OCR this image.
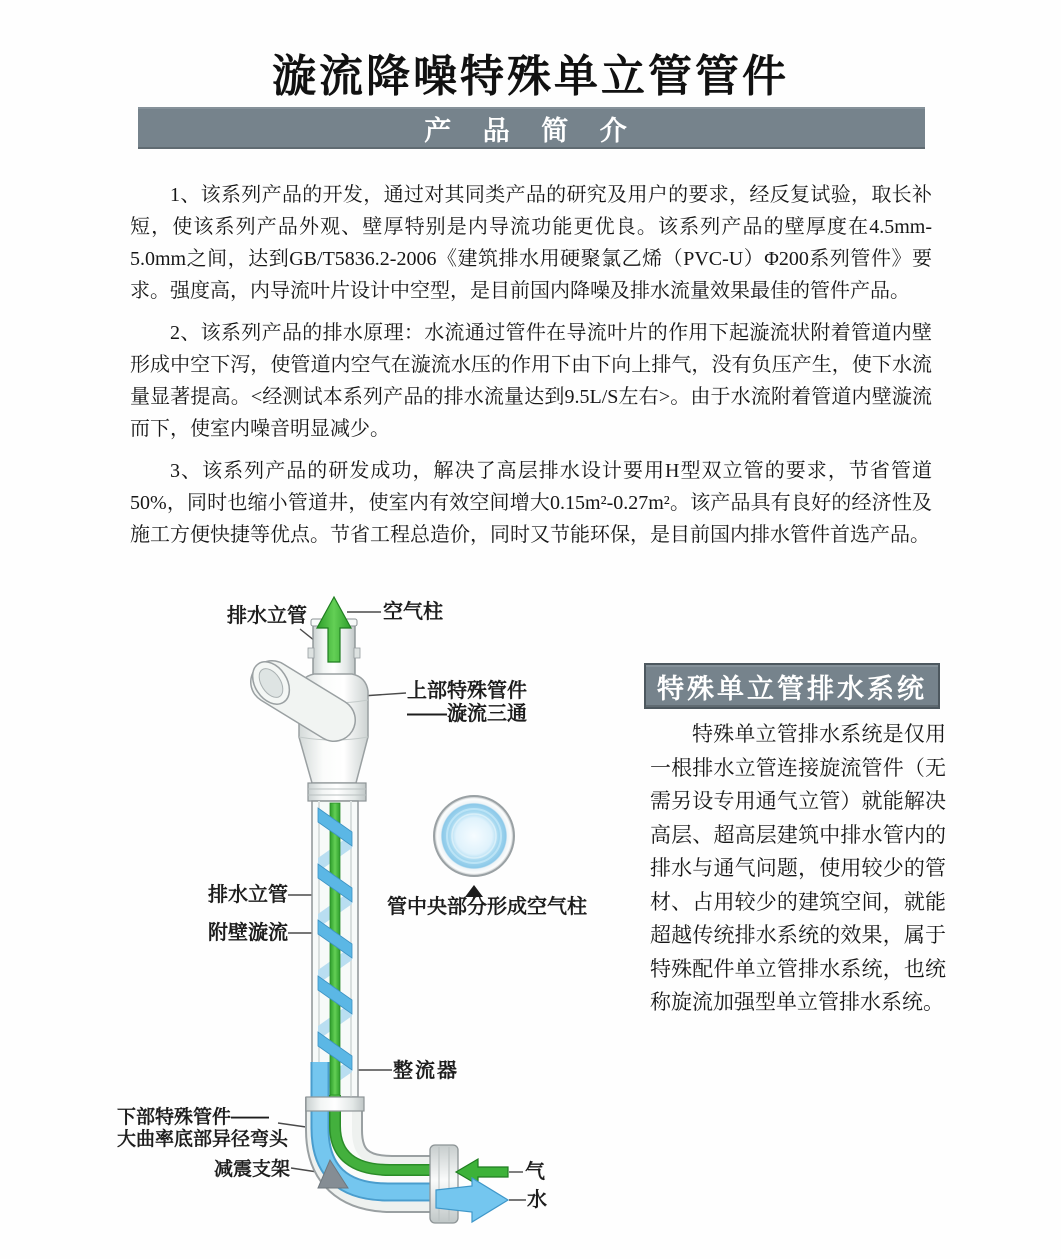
漩流降噪特殊单立管管件
产 品 简 介

1、该系列产品的开发，通过对其同类产品的研究及用户的要求，经反复试验，取长补短，使该系列产品外观、壁厚特别是内导流功能更优良。该系列产品的壁厚度在4.5mm-5.0mm之间，达到GB/T5836.2-2006《建筑排水用硬聚氯乙烯（PVC-U）Φ200系列管件》要求。强度高，内导流叶片设计中空型，是目前国内降噪及排水流量效果最佳的管件产品。

2、该系列产品的排水原理：水流通过管件在导流叶片的作用下起漩流状附着管道内壁形成中空下泻，使管道内空气在漩流水压的作用下由下向上排气，没有负压产生，使下水流量显著提高。<经测试本系列产品的排水流量达到9.5L/S左右>。由于水流附着管道内壁漩流而下，使室内噪音明显减少。

3、该系列产品的研发成功，解决了高层排水设计要用H型双立管的要求，节省管道50%，同时也缩小管道井，使室内有效空间增大0.15m²-0.27m²。该产品具有良好的经济性及施工方便快捷等优点。节省工程总造价，同时又节能环保，是目前国内排水管件首选产品。

特殊单立管排水系统

特殊单立管排水系统是仅用一根排水立管连接旋流管件（无需另设专用通气立管）就能解决高层、超高层建筑中排水管内的排水与通气问题，使用较少的管材、占用较少的建筑空间，就能超越传统排水系统的效果，属于特殊配件单立管排水系统，也统称旋流加强型单立管排水系统。

排水立管	空气柱
上部特殊管件
——漩流三通
排水立管
附壁漩流
管中央部分形成空气柱
整流器
下部特殊管件——
大曲率底部异径弯头
减震支架	气
水
